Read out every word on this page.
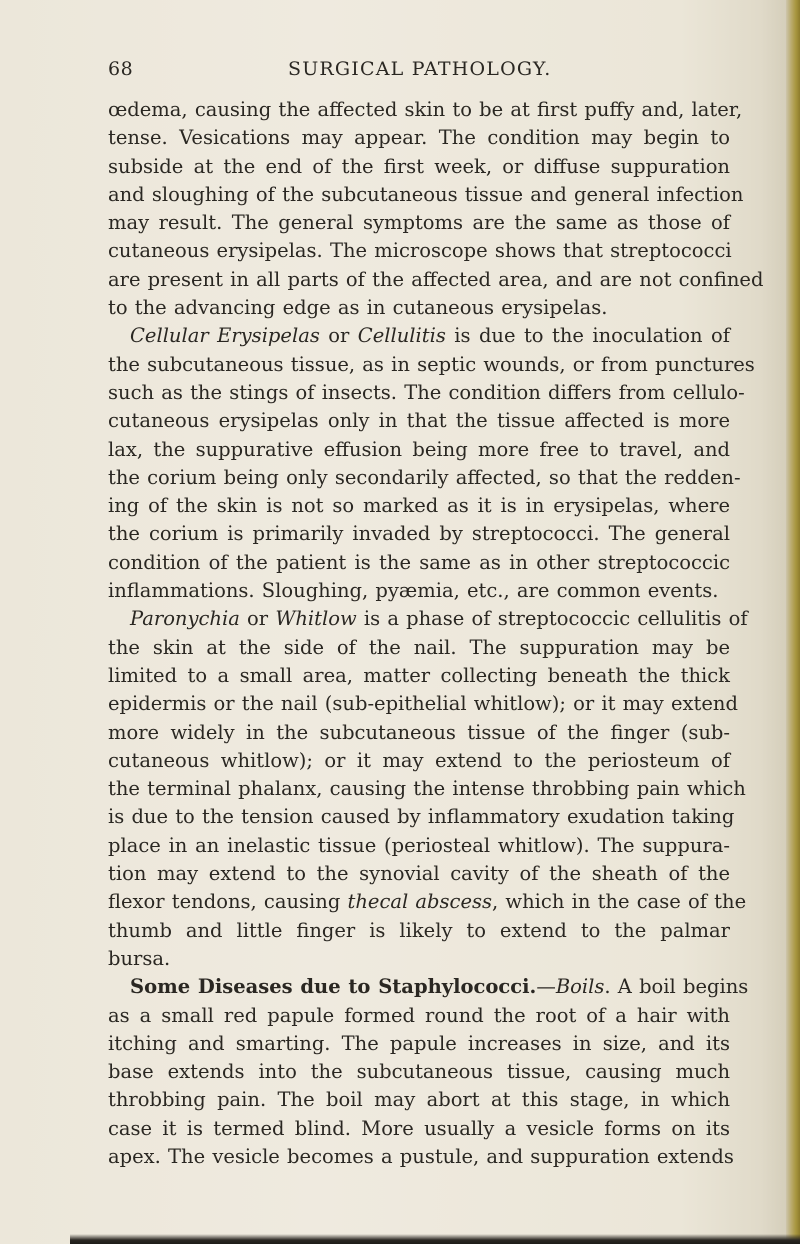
68	SURGICAL PATHOLOGY.
œdema, causing the affected skin to be at first puffy and, later,
tense. Vesications may appear. The condition may begin to
subside at the end of the first week, or diffuse suppuration
and sloughing of the subcutaneous tissue and general infection
may result. The general symptoms are the same as those of
cutaneous erysipelas. The microscope shows that streptococci
are present in all parts of the affected area, and are not confined
to the advancing edge as in cutaneous erysipelas.
Cellular Erysipelas or Cellulitis is due to the inoculation of
the subcutaneous tissue, as in septic wounds, or from punctures
such as the stings of insects. The condition differs from cellulo-
cutaneous erysipelas only in that the tissue affected is more
lax, the suppurative effusion being more free to travel, and
the corium being only secondarily affected, so that the redden-
ing of the skin is not so marked as it is in erysipelas, where
the corium is primarily invaded by streptococci. The general
condition of the patient is the same as in other streptococcic
inflammations. Sloughing, pyæmia, etc., are common events.
Paronychia or Whitlow is a phase of streptococcic cellulitis of
the skin at the side of the nail. The suppuration may be
limited to a small area, matter collecting beneath the thick
epidermis or the nail (sub-epithelial whitlow); or it may extend
more widely in the subcutaneous tissue of the finger (sub-
cutaneous whitlow); or it may extend to the periosteum of
the terminal phalanx, causing the intense throbbing pain which
is due to the tension caused by inflammatory exudation taking
place in an inelastic tissue (periosteal whitlow). The suppura-
tion may extend to the synovial cavity of the sheath of the
flexor tendons, causing thecal abscess, which in the case of the
thumb and little finger is likely to extend to the palmar
bursa.
Some Diseases due to Staphylococci.—Boils. A boil begins
as a small red papule formed round the root of a hair with
itching and smarting. The papule increases in size, and its
base extends into the subcutaneous tissue, causing much
throbbing pain. The boil may abort at this stage, in which
case it is termed blind. More usually a vesicle forms on its
apex. The vesicle becomes a pustule, and suppuration extends
